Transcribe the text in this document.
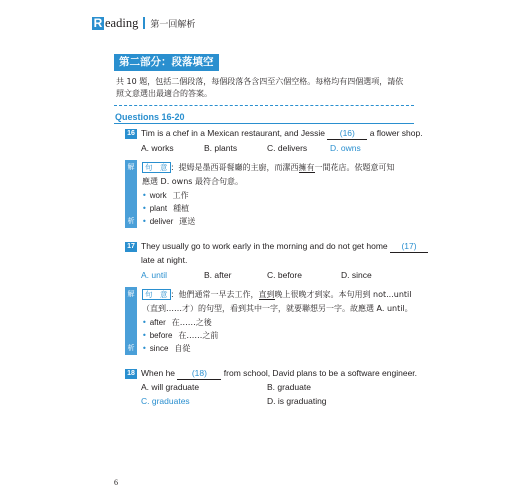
R eading 第一回解析
第二部分：段落填空
共 10 題，包括二個段落，每個段落各含四至六個空格。每格均有四個選項，請依
照文意選出最適合的答案。
Questions 16-20
16 Tim is a chef in a Mexican restaurant, and Jessie (16) a flower shop.
A. works	B. plants	C. delivers	D. owns
解
析
句　意 ：提姆是墨西哥餐廳的主廚，而潔西擁有一間花店。依題意可知
應選 D. owns 最符合句意。
• work 工作
• plant 種植
• deliver 運送
17 They usually go to work early in the morning and do not get home (17)
late at night.
A. until	B. after	C. before	D. since
解
析
句　意 ：他們通常一早去工作，直到晚上很晚才到家。本句用到 not...until
（直到……才）的句型，看到其中一字，就要聯想另一字。故應選 A. until。
• after 在……之後
• before 在……之前
• since 自從
18 When he (18) from school, David plans to be a software engineer.
A. will graduate	B. graduate
C. graduates	D. is graduating
6
